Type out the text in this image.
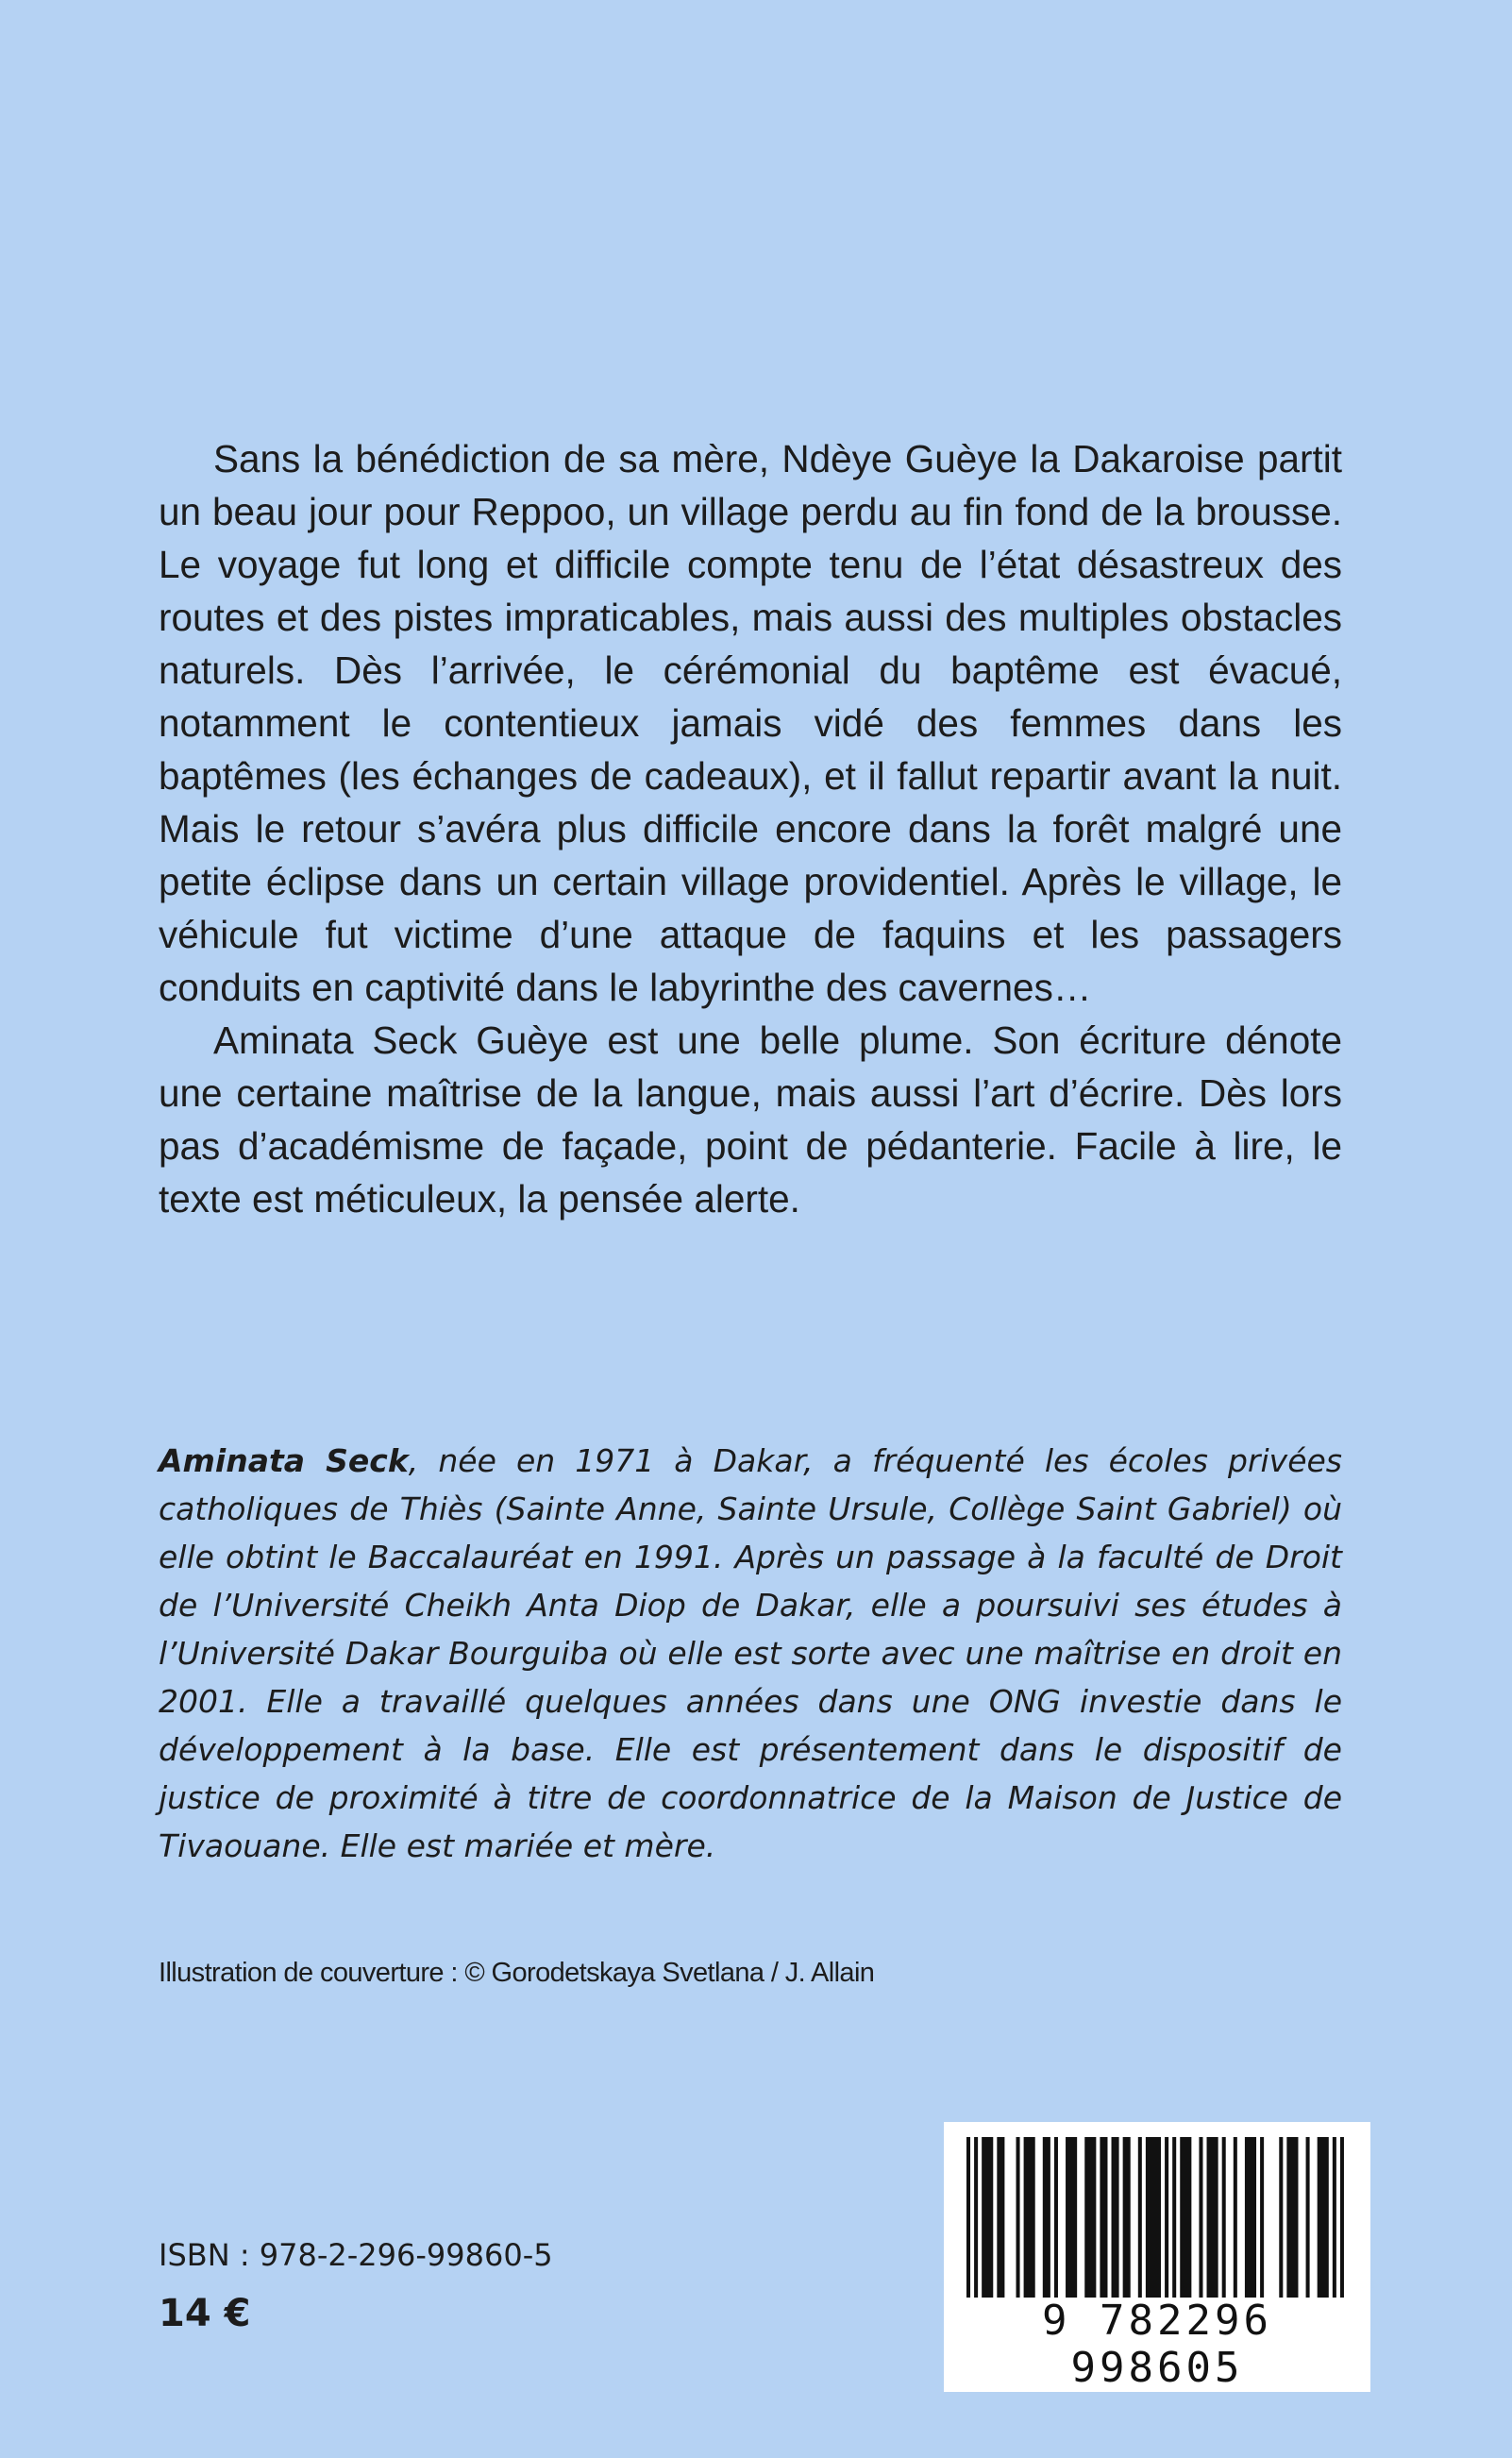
Sans la bénédiction de sa mère, Ndèye Guèye la Dakaroise partit un beau jour pour Reppoo, un village perdu au fin fond de la brousse. Le voyage fut long et difficile compte tenu de l’état désastreux des routes et des pistes impraticables, mais aussi des multiples obstacles naturels. Dès l’arrivée, le cérémonial du baptême est évacué, notamment le contentieux jamais vidé des femmes dans les baptêmes (les échanges de cadeaux), et il fallut repartir avant la nuit. Mais le retour s’avéra plus difficile encore dans la forêt malgré une petite éclipse dans un certain village providentiel. Après le village, le véhicule fut victime d’une attaque de faquins et les passagers conduits en captivité dans le labyrinthe des cavernes…

Aminata Seck Guèye est une belle plume. Son écriture dénote une certaine maîtrise de la langue, mais aussi l’art d’écrire. Dès lors pas d’académisme de façade, point de pédanterie. Facile à lire, le texte est méticuleux, la pensée alerte.

Aminata Seck, née en 1971 à Dakar, a fréquenté les écoles privées catholiques de Thiès (Sainte Anne, Sainte Ursule, Collège Saint Gabriel) où elle obtint le Baccalauréat en 1991. Après un passage à la faculté de Droit de l’Université Cheikh Anta Diop de Dakar, elle a poursuivi ses études à l’Université Dakar Bourguiba où elle est sorte avec une maîtrise en droit en 2001. Elle a travaillé quelques années dans une ONG investie dans le développement à la base. Elle est présentement dans le dispositif de justice de proximité à titre de coordonnatrice de la Maison de Justice de Tivaouane. Elle est mariée et mère.

Illustration de couverture : © Gorodetskaya Svetlana / J. Allain
ISBN : 978-2-296-99860-5
14 €	9 782296 998605
